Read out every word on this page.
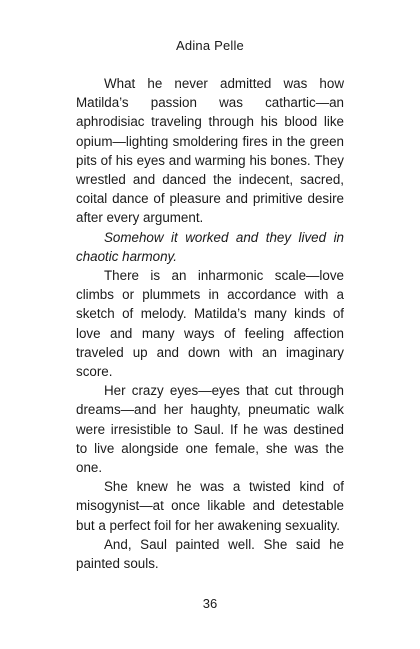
Adina Pelle

What he never admitted was how Matilda’s passion was cathartic—an aphrodisiac traveling through his blood like opium—lighting smoldering fires in the green pits of his eyes and warming his bones. They wrestled and danced the indecent, sacred, coital dance of pleasure and primitive desire after every argument.

Somehow it worked and they lived in chaotic harmony.

There is an inharmonic scale—love climbs or plummets in accordance with a sketch of melody. Matilda’s many kinds of love and many ways of feeling affection traveled up and down with an imaginary score.

Her crazy eyes—eyes that cut through dreams—and her haughty, pneumatic walk were irresistible to Saul. If he was destined to live alongside one female, she was the one.

She knew he was a twisted kind of misogynist—at once likable and detestable but a perfect foil for her awakening sexuality.

And, Saul painted well. She said he painted souls.

36
